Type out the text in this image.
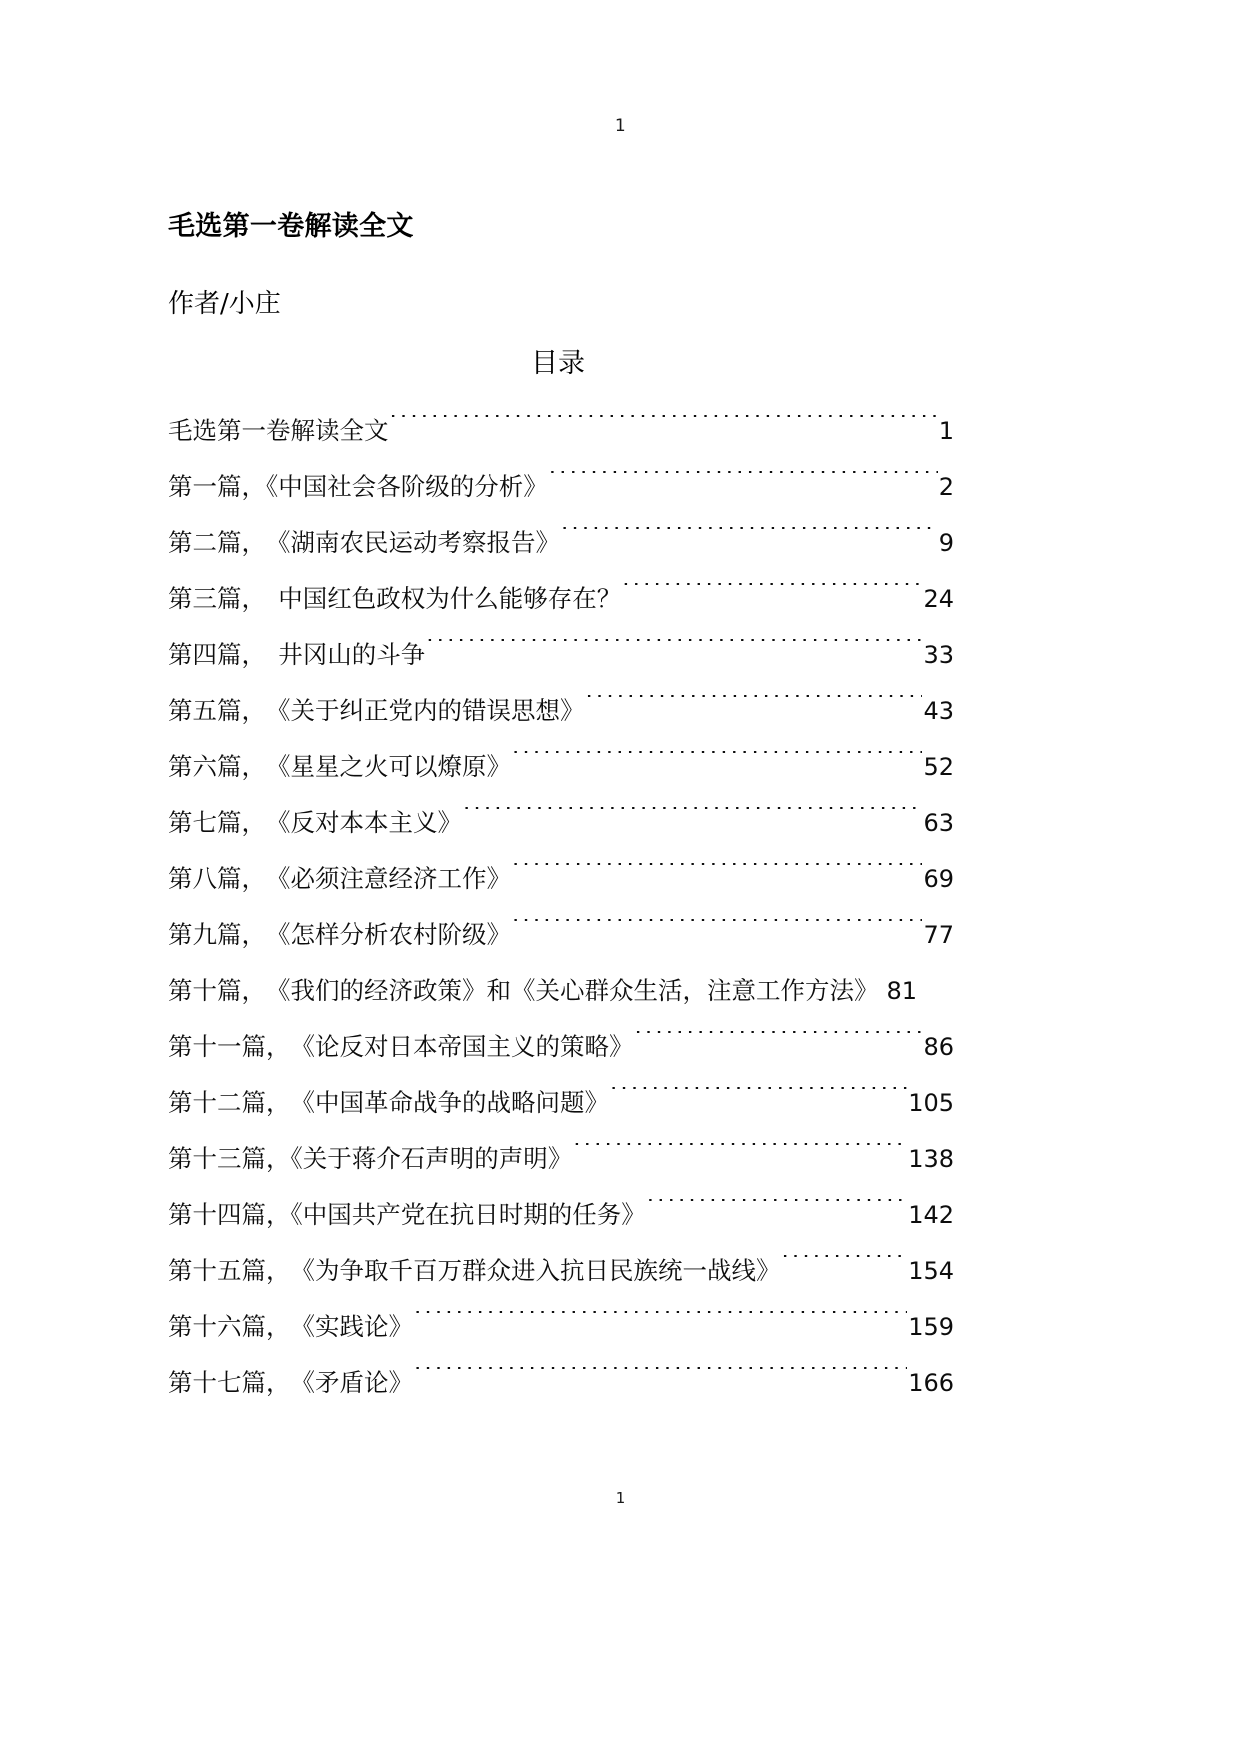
1
毛选第一卷解读全文
作者/小庄
目录
毛选第一卷解读全文 .....	1
第一篇，《中国社会各阶级的分析》 .....	2
第二篇，　《湖南农民运动考察报告》 .....	9
第三篇，　中国红色政权为什么能够存在？ .....	24
第四篇，　井冈山的斗争 .....	33
第五篇，　《关于纠正党内的错误思想》 .....	43
第六篇，　《星星之火可以燎原》 .....	52
第七篇，　《反对本本主义》 .....	63
第八篇，　《必须注意经济工作》 .....	69
第九篇，　《怎样分析农村阶级》 .....	77
第十篇，　《我们的经济政策》和《关心群众生活，注意工作方法》 81
第十一篇，　《论反对日本帝国主义的策略》 .....	86
第十二篇，　《中国革命战争的战略问题》 .....	105
第十三篇，《关于蒋介石声明的声明》 .....	138
第十四篇，《中国共产党在抗日时期的任务》 .....	142
第十五篇，　《为争取千百万群众进入抗日民族统一战线》 .....	154
第十六篇，　《实践论》 .....	159
第十七篇，　《矛盾论》 .....	166
1
